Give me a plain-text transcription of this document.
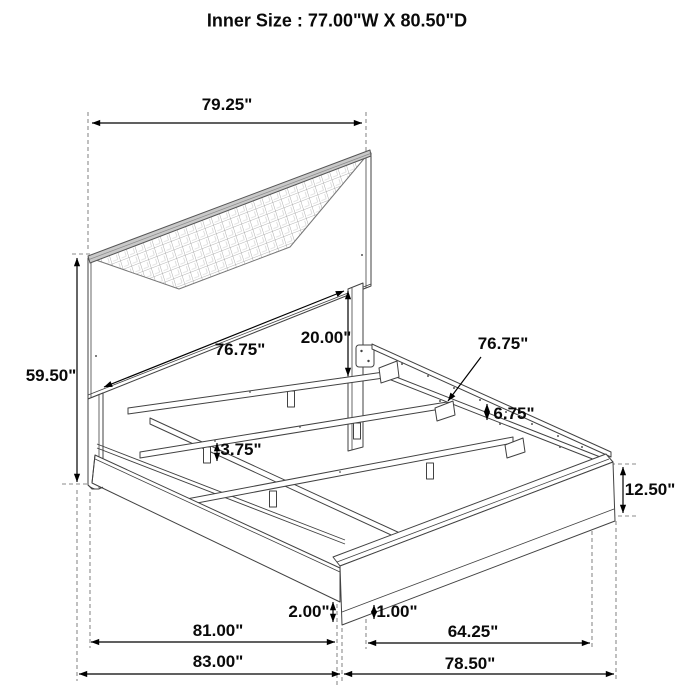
Inner Size : 77.00"W X 80.50"D
79.25"
59.50"
76.75"
20.00"	76.75"
6.75"
3.75"
12.50"
2.00"	1.00"
81.00"	64.25"
83.00"	78.50"
